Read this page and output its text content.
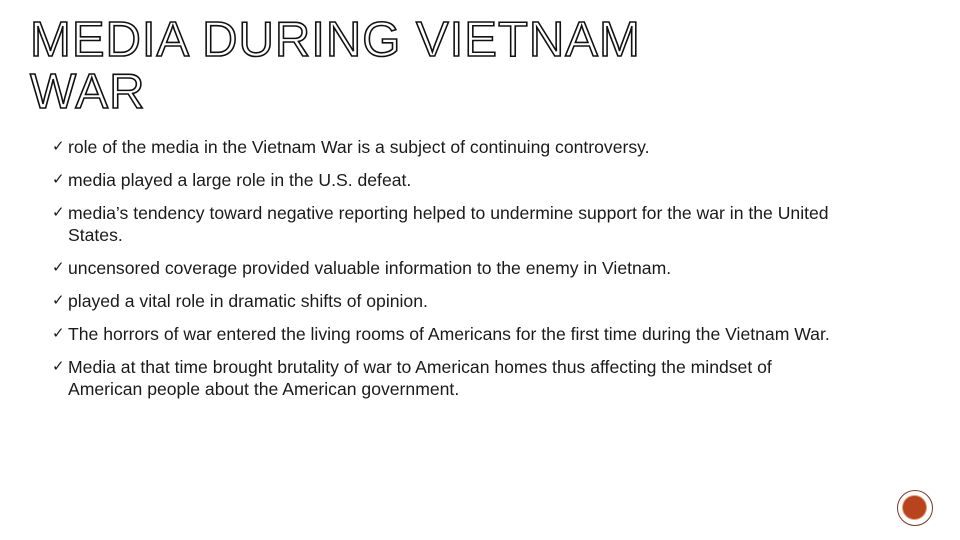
MEDIA DURING VIETNAM
WAR
✓ role of the media in the Vietnam War is a subject of continuing controversy.
✓ media played a large role in the U.S. defeat.
✓ media’s tendency toward negative reporting helped to undermine support for the war in the United States.
✓ uncensored coverage provided valuable information to the enemy in Vietnam.
✓ played a vital role in dramatic shifts of opinion.
✓ The horrors of war entered the living rooms of Americans for the first time during the Vietnam War.
✓ Media at that time brought brutality of war to American homes thus affecting the mindset of American people about the American government.
